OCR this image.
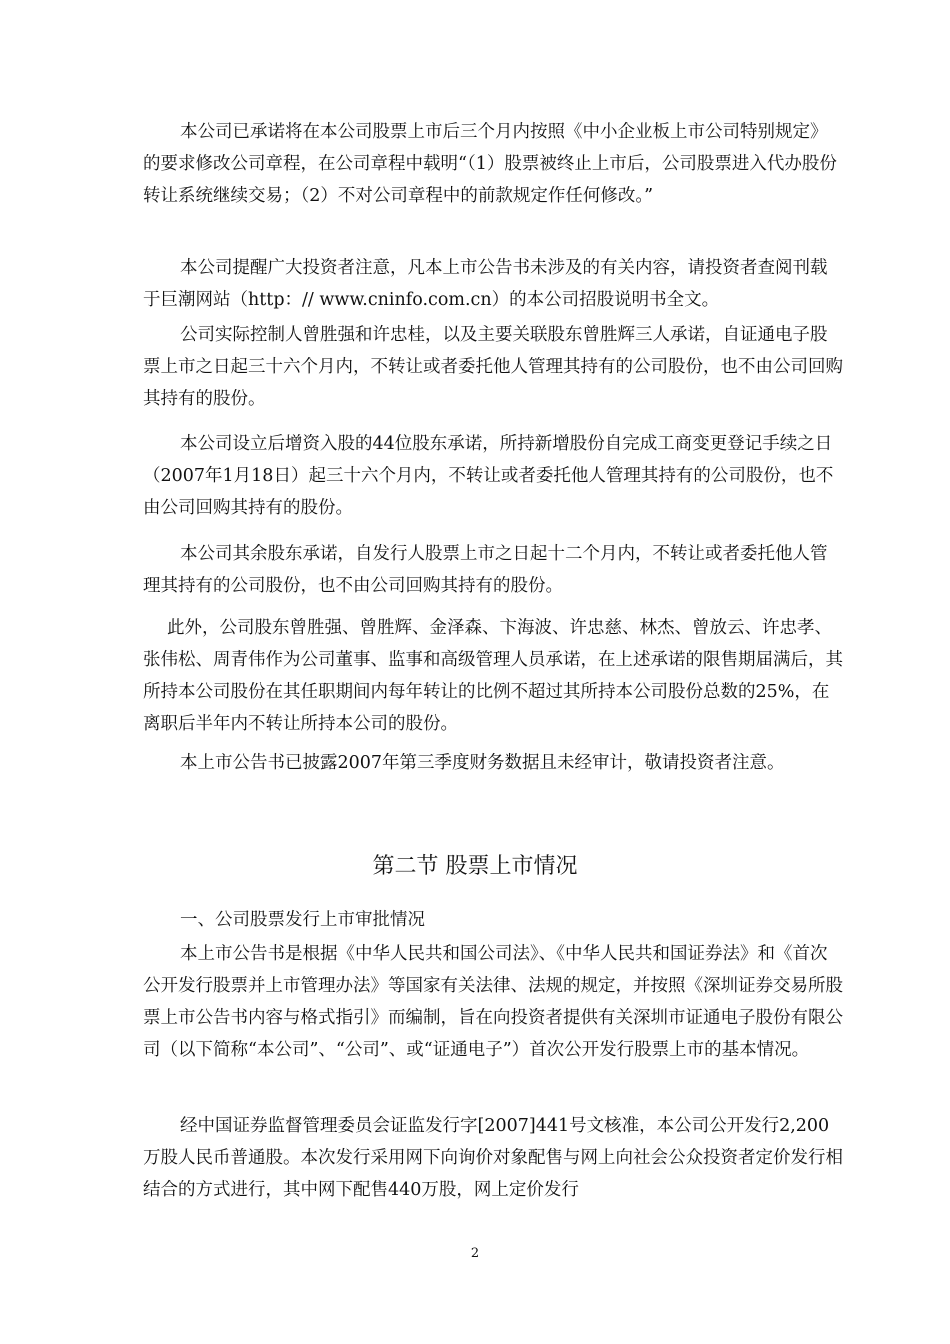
本公司已承诺将在本公司股票上市后三个月内按照《中小企业板上市公司特别规定》的要求修改公司章程，在公司章程中载明“（1）股票被终止上市后，公司股票进入代办股份转让系统继续交易；（2）不对公司章程中的前款规定作任何修改。”

本公司提醒广大投资者注意，凡本上市公告书未涉及的有关内容，请投资者查阅刊载于巨潮网站（http：// www.cninfo.com.cn）的本公司招股说明书全文。

公司实际控制人曾胜强和许忠桂，以及主要关联股东曾胜辉三人承诺，自证通电子股票上市之日起三十六个月内，不转让或者委托他人管理其持有的公司股份，也不由公司回购其持有的股份。

本公司设立后增资入股的44位股东承诺，所持新增股份自完成工商变更登记手续之日（2007年1月18日）起三十六个月内，不转让或者委托他人管理其持有的公司股份，也不由公司回购其持有的股份。

本公司其余股东承诺，自发行人股票上市之日起十二个月内，不转让或者委托他人管理其持有的公司股份，也不由公司回购其持有的股份。

此外，公司股东曾胜强、曾胜辉、金泽森、卞海波、许忠慈、林杰、曾放云、许忠孝、张伟松、周青伟作为公司董事、监事和高级管理人员承诺，在上述承诺的限售期届满后，其所持本公司股份在其任职期间内每年转让的比例不超过其所持本公司股份总数的25%，在离职后半年内不转让所持本公司的股份。

本上市公告书已披露2007年第三季度财务数据且未经审计，敬请投资者注意。

第二节 股票上市情况

一、公司股票发行上市审批情况

本上市公告书是根据《中华人民共和国公司法》、《中华人民共和国证券法》和《首次公开发行股票并上市管理办法》等国家有关法律、法规的规定，并按照《深圳证券交易所股票上市公告书内容与格式指引》而编制，旨在向投资者提供有关深圳市证通电子股份有限公司（以下简称“本公司”、“公司”、或“证通电子”）首次公开发行股票上市的基本情况。

经中国证券监督管理委员会证监发行字[2007]441号文核准，本公司公开发行2,200万股人民币普通股。本次发行采用网下向询价对象配售与网上向社会公众投资者定价发行相结合的方式进行，其中网下配售440万股，网上定价发行

2
